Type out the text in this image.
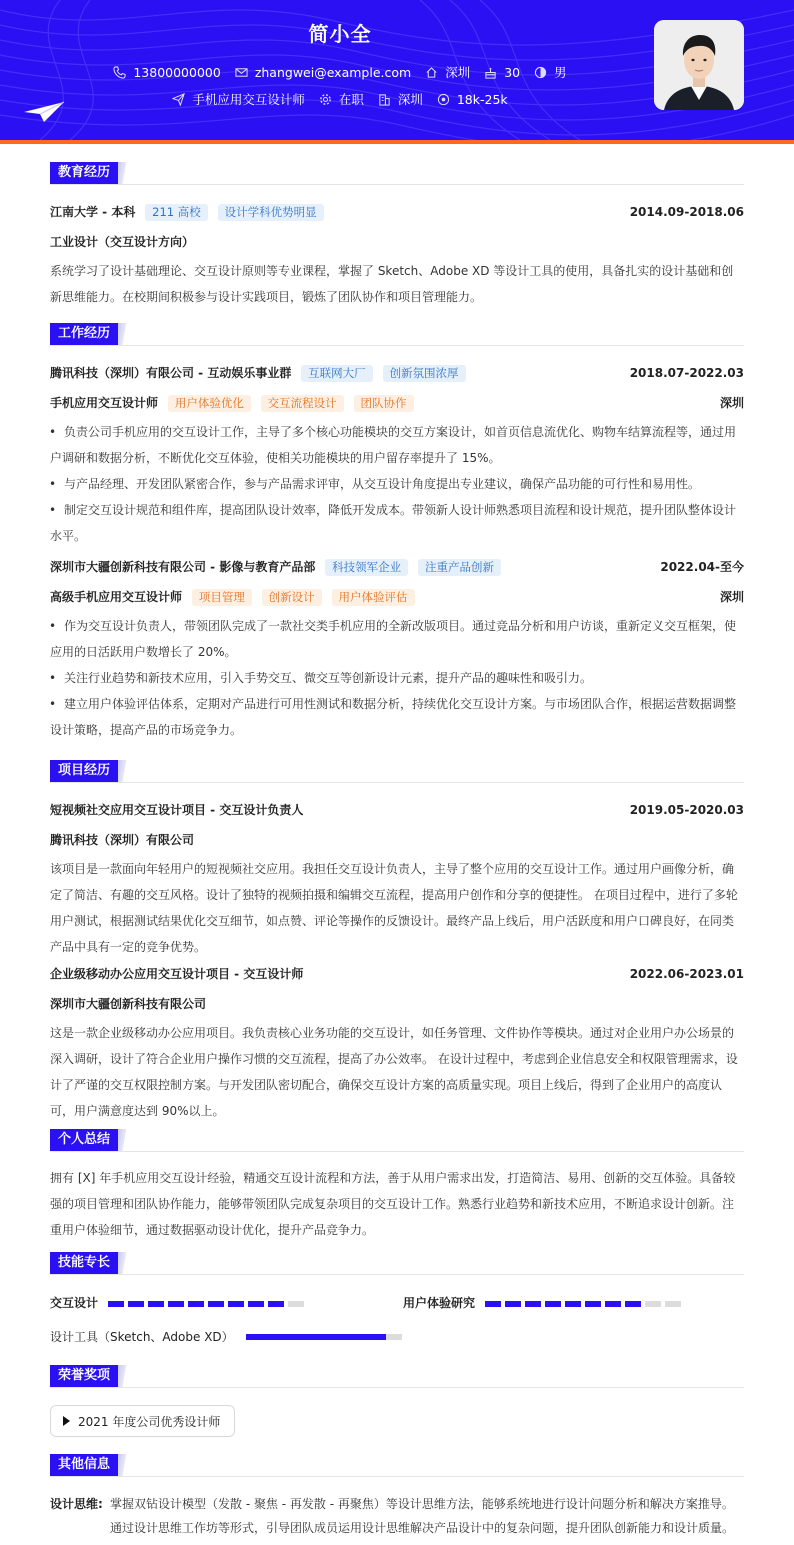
简小全
13800000000	zhangwei@example.com	深圳	30	男
手机应用交互设计师	在职	深圳	18k-25k
教育经历
江南大学 - 本科 211 高校 设计学科优势明显	2014.09-2018.06
工业设计（交互设计方向）
系统学习了设计基础理论、交互设计原则等专业课程，掌握了 Sketch、Adobe XD 等设计工具的使用，具备扎实的设计基础和创新思维能力。在校期间积极参与设计实践项目，锻炼了团队协作和项目管理能力。
工作经历
腾讯科技（深圳）有限公司 - 互动娱乐事业群 互联网大厂 创新氛围浓厚	2018.07-2022.03
手机应用交互设计师 用户体验优化 交互流程设计 团队协作	深圳
• 负责公司手机应用的交互设计工作，主导了多个核心功能模块的交互方案设计，如首页信息流优化、购物车结算流程等，通过用户调研和数据分析，不断优化交互体验，使相关功能模块的用户留存率提升了 15%。
• 与产品经理、开发团队紧密合作，参与产品需求评审，从交互设计角度提出专业建议，确保产品功能的可行性和易用性。
• 制定交互设计规范和组件库，提高团队设计效率，降低开发成本。带领新人设计师熟悉项目流程和设计规范，提升团队整体设计水平。
深圳市大疆创新科技有限公司 - 影像与教育产品部 科技领军企业 注重产品创新	2022.04-至今
高级手机应用交互设计师 项目管理 创新设计 用户体验评估	深圳
• 作为交互设计负责人，带领团队完成了一款社交类手机应用的全新改版项目。通过竞品分析和用户访谈，重新定义交互框架，使应用的日活跃用户数增长了 20%。
• 关注行业趋势和新技术应用，引入手势交互、微交互等创新设计元素，提升产品的趣味性和吸引力。
• 建立用户体验评估体系，定期对产品进行可用性测试和数据分析，持续优化交互设计方案。与市场团队合作，根据运营数据调整设计策略，提高产品的市场竞争力。
项目经历
短视频社交应用交互设计项目 - 交互设计负责人	2019.05-2020.03
腾讯科技（深圳）有限公司
该项目是一款面向年轻用户的短视频社交应用。我担任交互设计负责人，主导了整个应用的交互设计工作。通过用户画像分析，确定了简洁、有趣的交互风格。设计了独特的视频拍摄和编辑交互流程，提高用户创作和分享的便捷性。 在项目过程中，进行了多轮用户测试，根据测试结果优化交互细节，如点赞、评论等操作的反馈设计。最终产品上线后，用户活跃度和用户口碑良好，在同类产品中具有一定的竞争优势。
企业级移动办公应用交互设计项目 - 交互设计师	2022.06-2023.01
深圳市大疆创新科技有限公司
这是一款企业级移动办公应用项目。我负责核心业务功能的交互设计，如任务管理、文件协作等模块。通过对企业用户办公场景的深入调研，设计了符合企业用户操作习惯的交互流程，提高了办公效率。 在设计过程中，考虑到企业信息安全和权限管理需求，设计了严谨的交互权限控制方案。与开发团队密切配合，确保交互设计方案的高质量实现。项目上线后，得到了企业用户的高度认可，用户满意度达到 90%以上。
个人总结
拥有 [X] 年手机应用交互设计经验，精通交互设计流程和方法，善于从用户需求出发，打造简洁、易用、创新的交互体验。具备较强的项目管理和团队协作能力，能够带领团队完成复杂项目的交互设计工作。熟悉行业趋势和新技术应用，不断追求设计创新。注重用户体验细节，通过数据驱动设计优化，提升产品竞争力。
技能专长
交互设计	用户体验研究
设计工具（Sketch、Adobe XD）
荣誉奖项
2021 年度公司优秀设计师
其他信息
设计思维: 掌握双钻设计模型（发散 - 聚焦 - 再发散 - 再聚焦）等设计思维方法，能够系统地进行设计问题分析和解决方案推导。
通过设计思维工作坊等形式，引导团队成员运用设计思维解决产品设计中的复杂问题，提升团队创新能力和设计质量。
